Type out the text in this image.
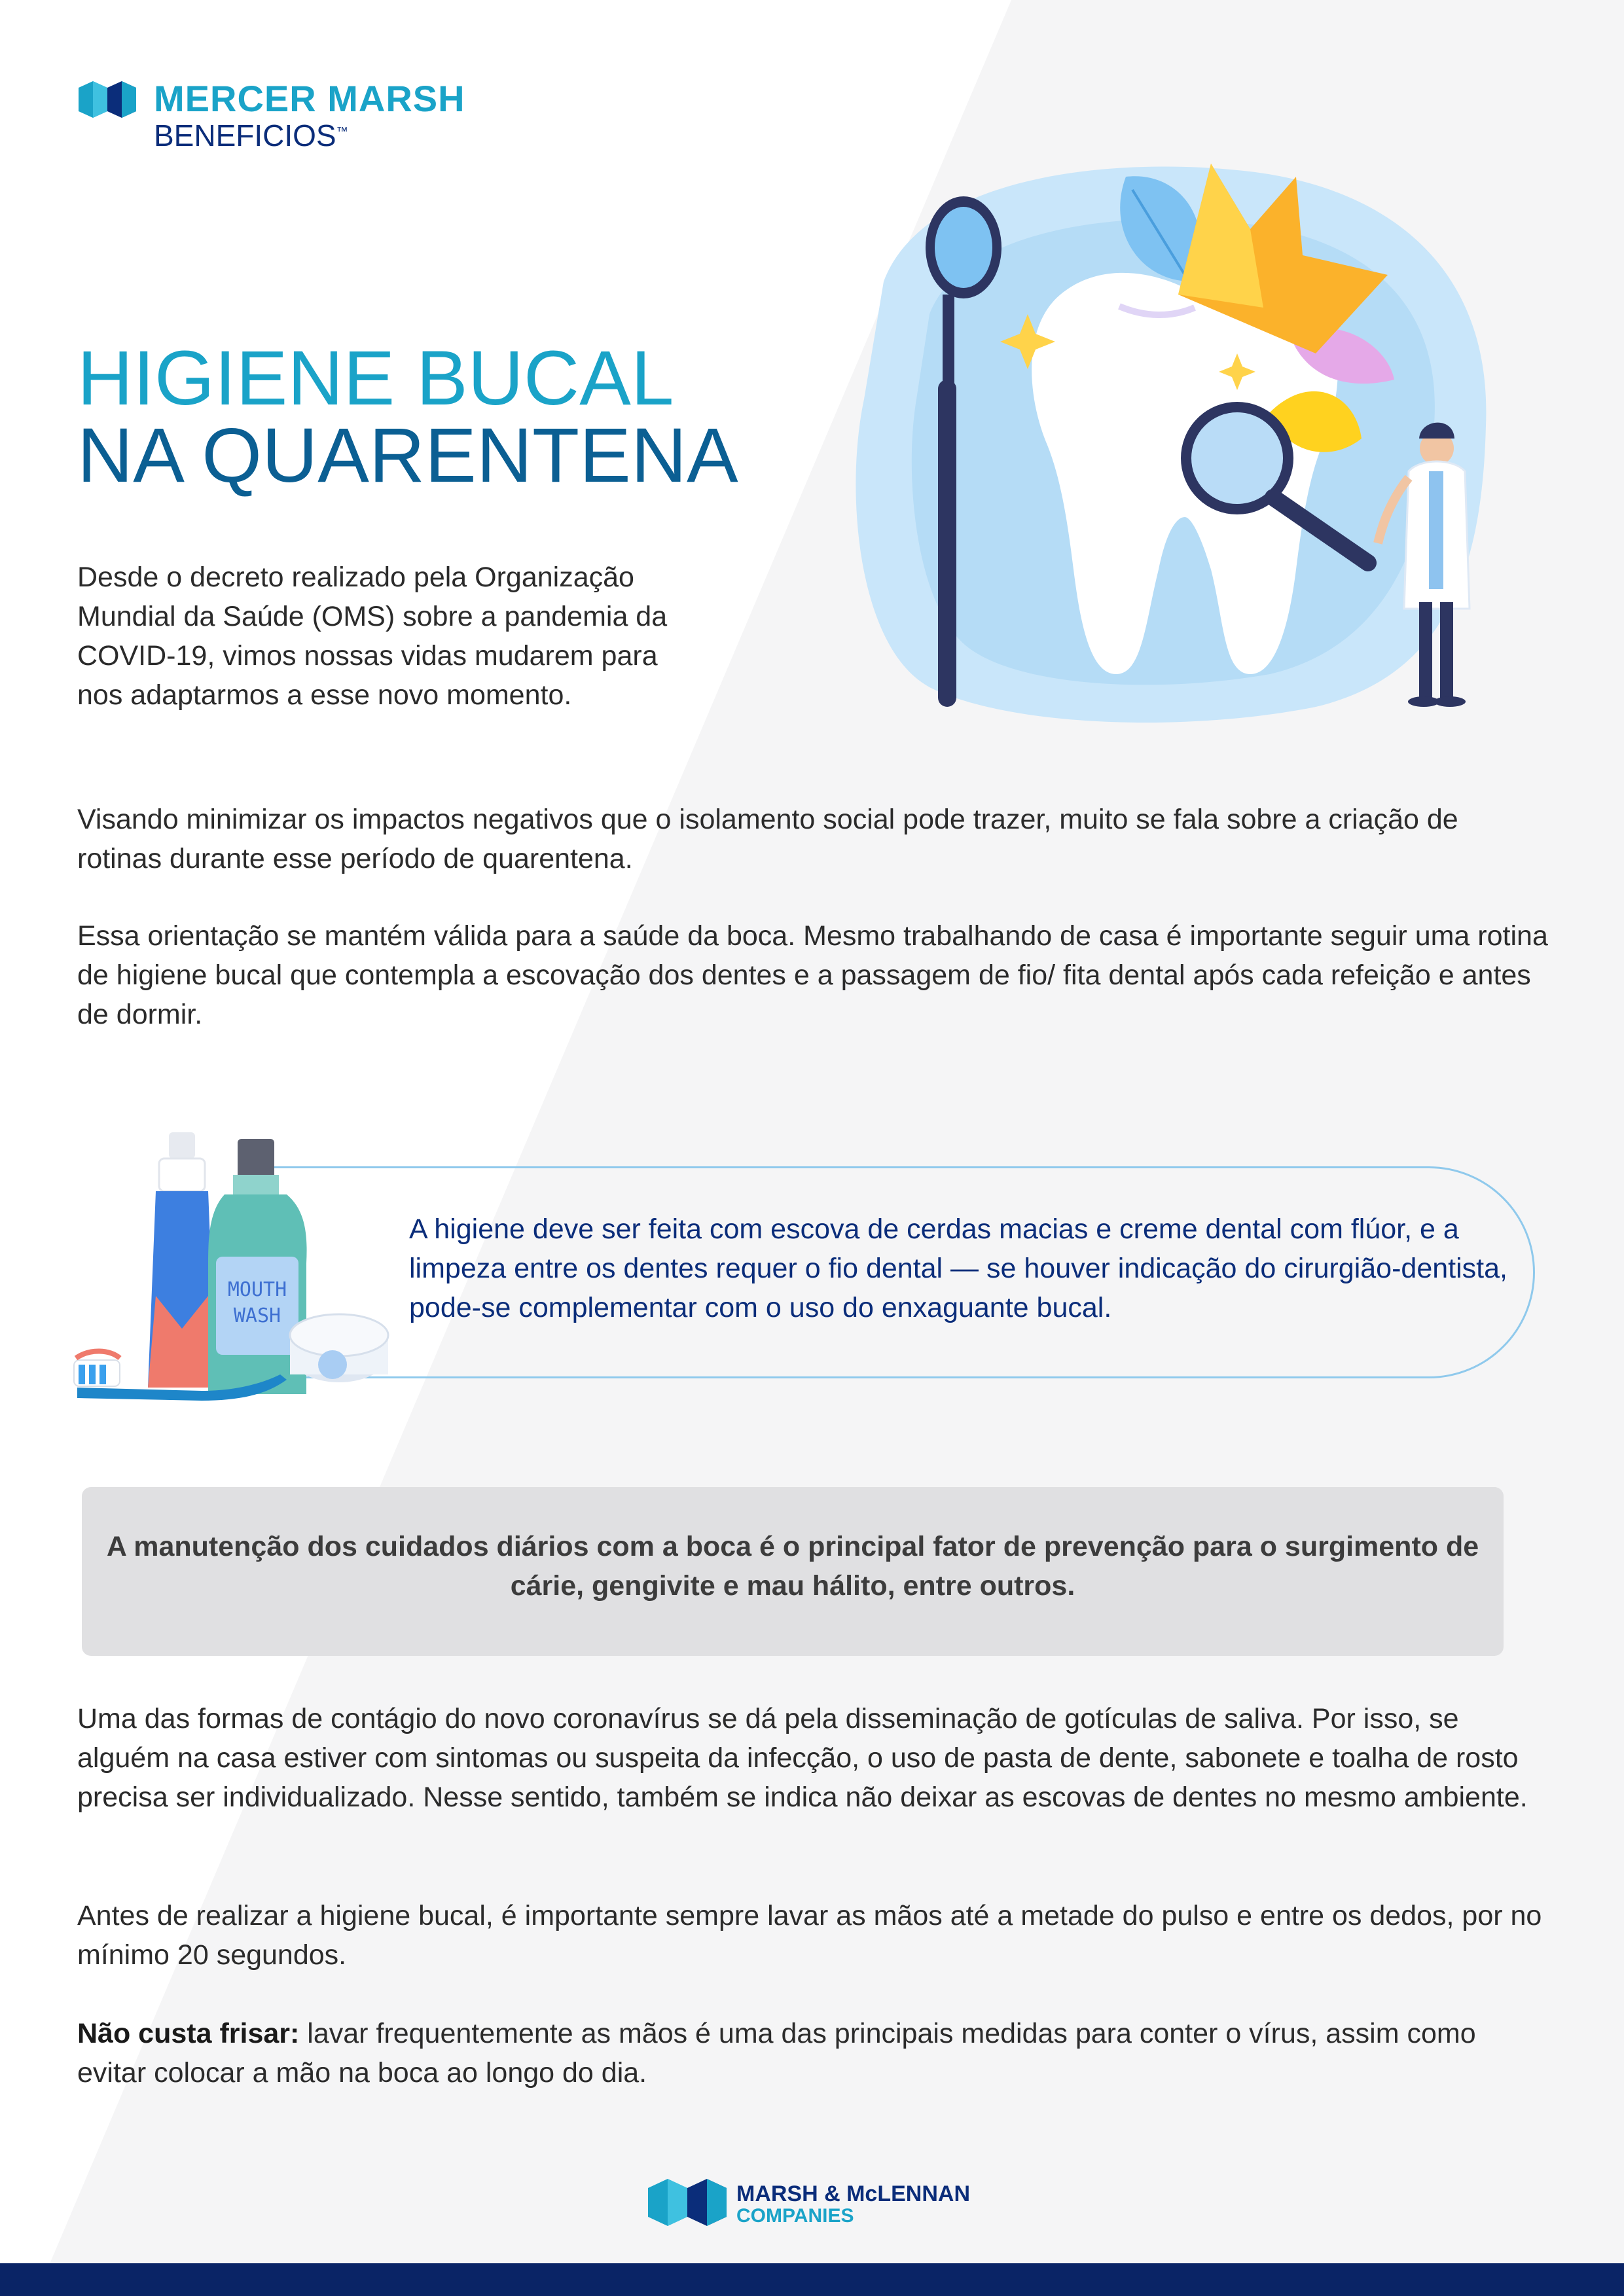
MERCER MARSH
BENEFICIOS™
HIGIENE BUCAL
NA QUARENTENA

Desde o decreto realizado pela Organização Mundial da Saúde (OMS) sobre a pandemia da COVID-19, vimos nossas vidas mudarem para nos adaptarmos a esse novo momento.

Visando minimizar os impactos negativos que o isolamento social pode trazer, muito se fala sobre a criação de rotinas durante esse período de quarentena.

Essa orientação se mantém válida para a saúde da boca. Mesmo trabalhando de casa é importante seguir uma rotina de higiene bucal que contempla a escovação dos dentes e a passagem de fio/ fita dental após cada refeição e antes de dormir.

MOUTH
WASH

A higiene deve ser feita com escova de cerdas macias e creme dental com flúor, e a limpeza entre os dentes requer o fio dental — se houver indicação do cirurgião-dentista, pode-se complementar com o uso do enxaguante bucal.

A manutenção dos cuidados diários com a boca é o principal fator de prevenção para o surgimento de cárie, gengivite e mau hálito, entre outros.

Uma das formas de contágio do novo coronavírus se dá pela disseminação de gotículas de saliva. Por isso, se alguém na casa estiver com sintomas ou suspeita da infecção, o uso de pasta de dente, sabonete e toalha de rosto precisa ser individualizado. Nesse sentido, também se indica não deixar as escovas de dentes no mesmo ambiente.

Antes de realizar a higiene bucal, é importante sempre lavar as mãos até a metade do pulso e entre os dedos, por no mínimo 20 segundos.

Não custa frisar: lavar frequentemente as mãos é uma das principais medidas para conter o vírus, assim como evitar colocar a mão na boca ao longo do dia.

MARSH & McLENNAN
COMPANIES
